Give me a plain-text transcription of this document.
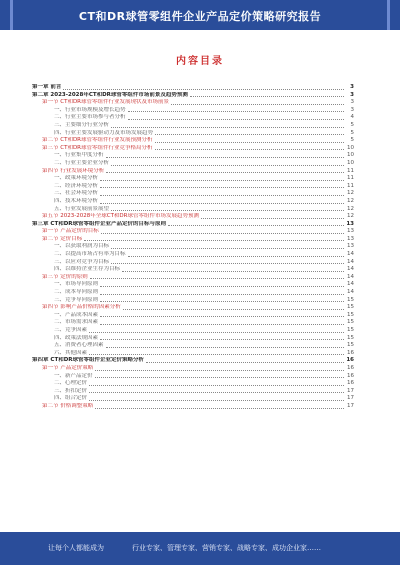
CT和DR球管零组件企业产品定价策略研究报告
内容目录
第一章 前言	3
第二章 2023-2028年CT和DR球管零组件市场前景及趋势预测	3
第一节 CT和DR球管零组件行业发展现状及市场前景	3
一、行业市场规模及增长趋势	3
二、行业主要市场参与者分析	4
三、主要细分行业分析	5
四、行业主要发展驱动力及市场发展趋势	5
第二节 CT和DR球管零组件行业发展预测分析	5
第三节 CT和DR球管零组件行业竞争格局分析	10
一、行业集中度分析	10
二、行业主要企业分析	10
第四节 行业发展环境分析	11
一、政策环境分析	11
二、经济环境分析	11
三、社会环境分析	12
四、技术环境分析	12
五、行业发展前景展望	12
第五节 2023-2028年全球CT和DR球管零组件市场发展趋势预测	12
第三章 CT和DR球管零组件企业产品定价的目标与原则	13
第一节 产品定价的目标	13
第二节 定价目标	13
一、以获取利润为目标	13
二、以提高市场占有率为目标	14
三、以应对竞争为目标	14
四、以维持企业生存为目标	14
第三节 定价的原则	14
一、市场导向原则	14
二、成本导向原则	14
三、竞争导向原则	15
第四节 影响产品价格的因素分析	15
一、产品成本因素	15
二、市场需求因素	15
三、竞争因素	15
四、政策法规因素	15
五、消费者心理因素	15
六、其他因素	16
第四章 CT和DR球管零组件企业定价策略分析	16
第一节 产品定价策略	16
一、新产品定价	16
二、心理定价	16
三、折扣定价	17
四、组合定价	17
第二节 价格调整策略	17
让每个人都能成为	行业专家、管理专家、营销专家、战略专家、成功企业家……
